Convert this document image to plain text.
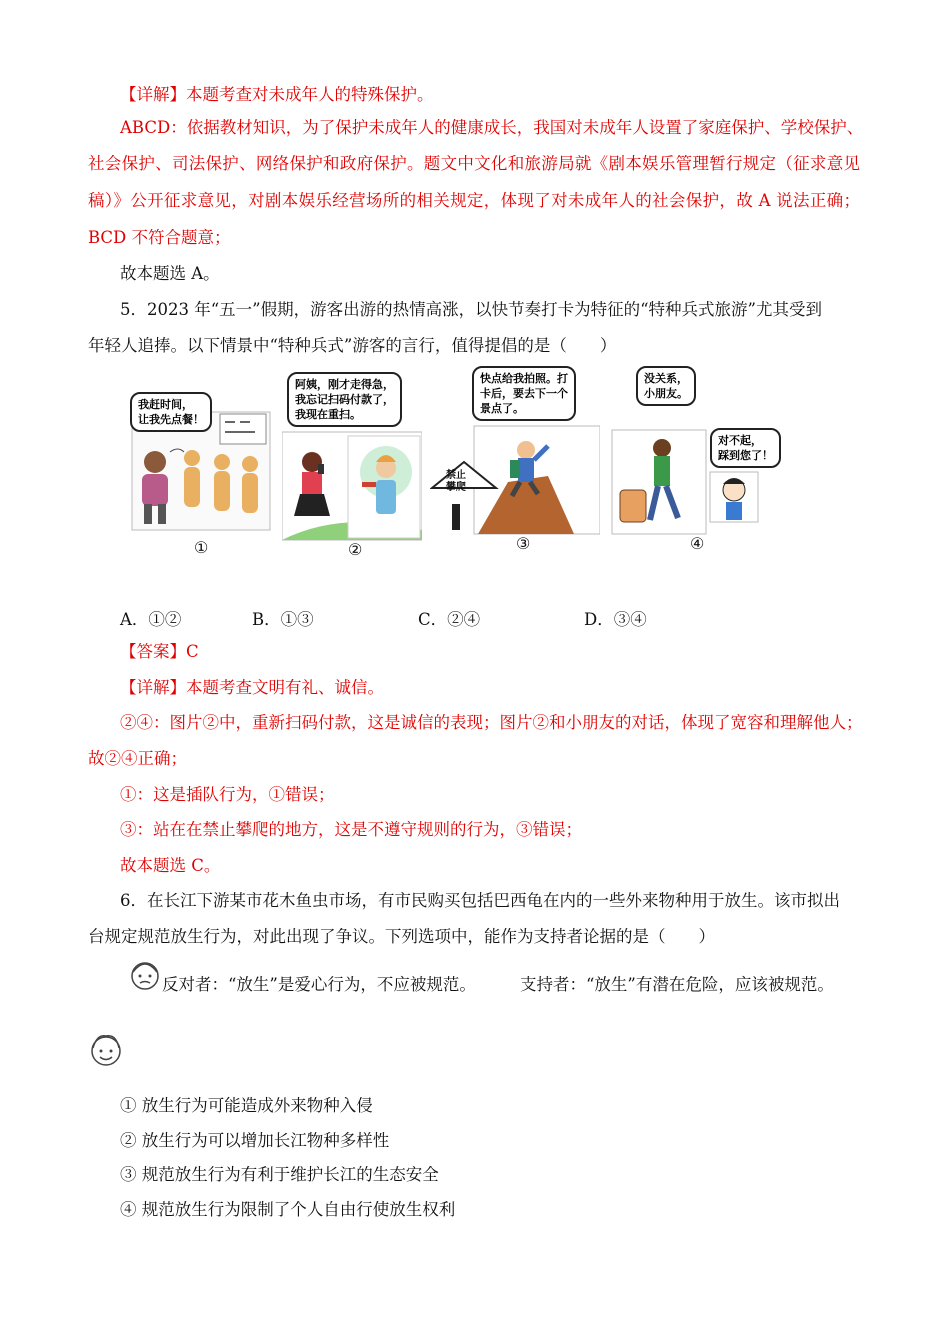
【详解】本题考查对未成年人的特殊保护。
ABCD：依据教材知识，为了保护未成年人的健康成长，我国对未成年人设置了家庭保护、学校保护、
社会保护、司法保护、网络保护和政府保护。题文中文化和旅游局就《剧本娱乐管理暂行规定（征求意见
稿）》公开征求意见，对剧本娱乐经营场所的相关规定，体现了对未成年人的社会保护，故 A 说法正确；
BCD 不符合题意；
故本题选 A。
5．2023 年“五一”假期，游客出游的热情高涨，以快节奏打卡为特征的“特种兵式旅游”尤其受到
年轻人追捧。以下情景中“特种兵式”游客的言行，值得提倡的是（　　）
我赶时间，
让我先点餐！
①
阿姨，刚才走得急，
我忘记扫码付款了，
我现在重扫。
②
快点给我拍照。打
卡后，要去下一个
景点了。
禁止
攀爬
③
没关系，
小朋友。
对不起，
踩到您了！
④
A．①②	B．①③	C．②④	D．③④
【答案】C
【详解】本题考查文明有礼、诚信。
②④：图片②中，重新扫码付款，这是诚信的表现；图片②和小朋友的对话，体现了宽容和理解他人；
故②④正确；
①：这是插队行为，①错误；
③：站在在禁止攀爬的地方，这是不遵守规则的行为，③错误；
故本题选 C。
6．在长江下游某市花木鱼虫市场，有市民购买包括巴西龟在内的一些外来物种用于放生。该市拟出
台规定规范放生行为，对此出现了争议。下列选项中，能作为支持者论据的是（　　）
反对者：“放生”是爱心行为，不应被规范。	支持者：“放生”有潜在危险，应该被规范。
① 放生行为可能造成外来物种入侵
② 放生行为可以增加长江物种多样性
③ 规范放生行为有利于维护长江的生态安全
④ 规范放生行为限制了个人自由行使放生权利
